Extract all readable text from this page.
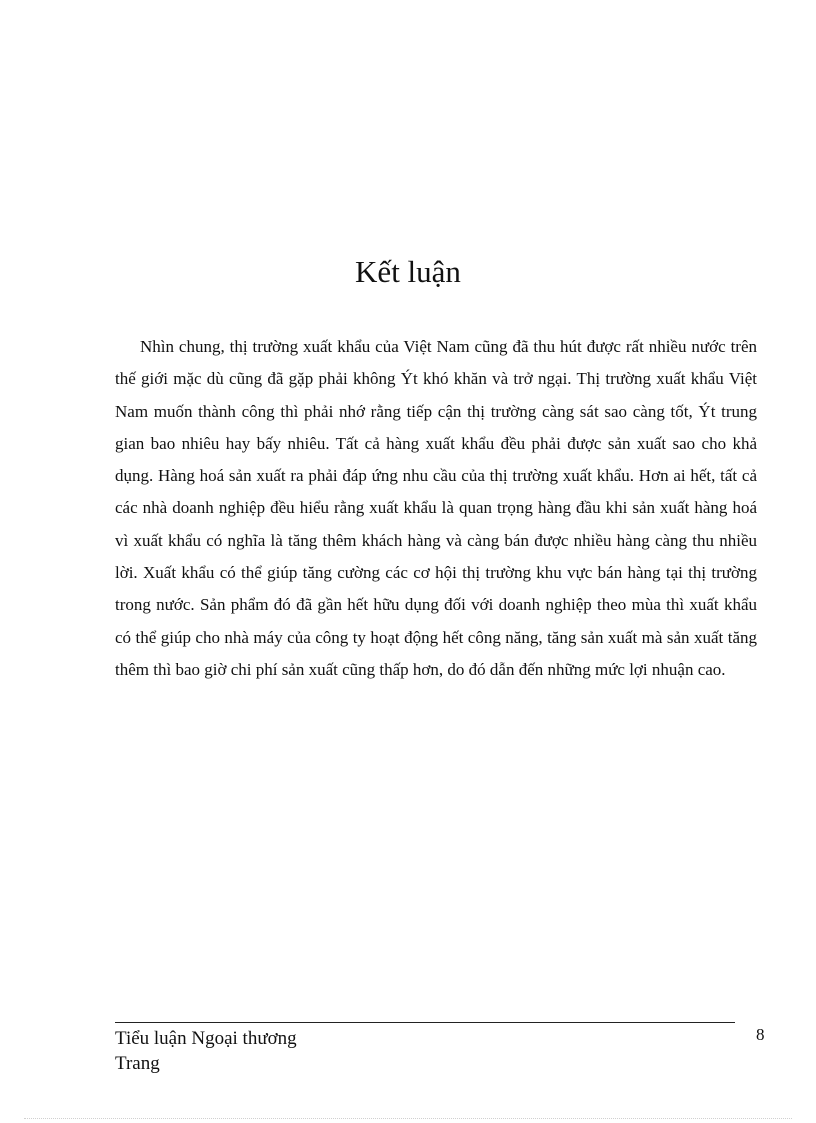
Kết luận

Nhìn chung, thị trường xuất khẩu của Việt Nam cũng đã thu hút được rất nhiều nước trên thế giới mặc dù cũng đã gặp phải không Ýt khó khăn và trở ngại. Thị trường xuất khẩu Việt Nam muốn thành công thì phải nhớ rằng tiếp cận thị trường càng sát sao càng tốt, Ýt trung gian bao nhiêu hay bấy nhiêu. Tất cả hàng xuất khẩu đều phải được sản xuất sao cho khả dụng. Hàng hoá sản xuất ra phải đáp ứng nhu cầu của thị trường xuất khẩu. Hơn ai hết, tất cả các nhà doanh nghiệp đều hiểu rằng xuất khẩu là quan trọng hàng đầu khi sản xuất hàng hoá vì xuất khẩu có nghĩa là tăng thêm khách hàng và càng bán được nhiều hàng càng thu nhiều lời. Xuất khẩu có thể giúp tăng cường các cơ hội thị trường khu vực bán hàng tại thị trường trong nước. Sản phẩm đó đã gần hết hữu dụng đối với doanh nghiệp theo mùa thì xuất khẩu có thể giúp cho nhà máy của công ty hoạt động hết công năng, tăng sản xuất mà sản xuất tăng thêm thì bao giờ chi phí sản xuất cũng thấp hơn, do đó dẫn đến những mức lợi nhuận cao.

Tiểu luận Ngoại thương
Trang
8
